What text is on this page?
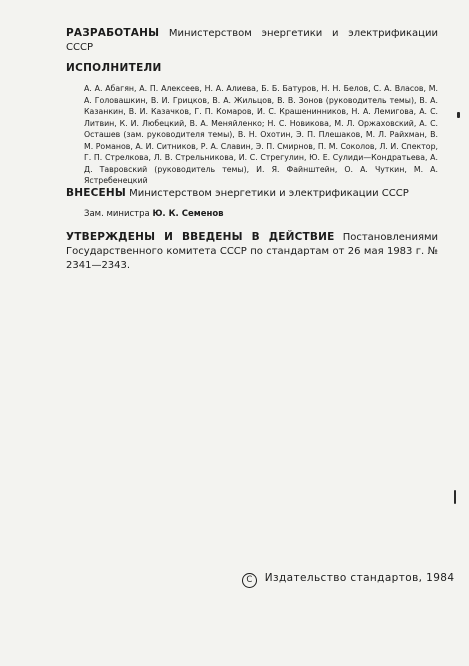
РАЗРАБОТАНЫ Министерством энергетики и электрификации СССР
ИСПОЛНИТЕЛИ
А. А. Абагян, А. П. Алексеев, Н. А. Алиева, Б. Б. Батуров, Н. Н. Белов, С. А. Власов, М. А. Головашкин, В. И. Грицков, В. А. Жильцов, В. В. Зонов (руководитель темы), В. А. Казанкин, В. И. Казачков, Г. П. Комаров, И. С. Крашенинников, Н. А. Лемигова, А. С. Литвин, К. И. Любецкий, В. А. Меняйленко; Н. С. Новикова, М. Л. Оржаховский, А. С. Осташев (зам. руководителя темы), В. Н. Охотин, Э. П. Плешаков, М. Л. Райхман, В. М. Романов, А. И. Ситников, Р. А. Славин, Э. П. Смирнов, П. М. Соколов, Л. И. Спектор, Г. П. Стрелкова, Л. В. Стрельникова, И. С. Стрегулин, Ю. Е. Сулиди—Кондратьева, А. Д. Тавровский (руководитель темы), И. Я. Файнштейн, О. А. Чуткин, М. А. Ястребенецкий
ВНЕСЕНЫ Министерством энергетики и электрификации СССР
Зам. министра Ю. К. Семенов
УТВЕРЖДЕНЫ И ВВЕДЕНЫ В ДЕЙСТВИЕ Постановлениями Государственного комитета СССР по стандартам от 26 мая 1983 г. № 2341—2343.
C Издательство стандартов, 1984
